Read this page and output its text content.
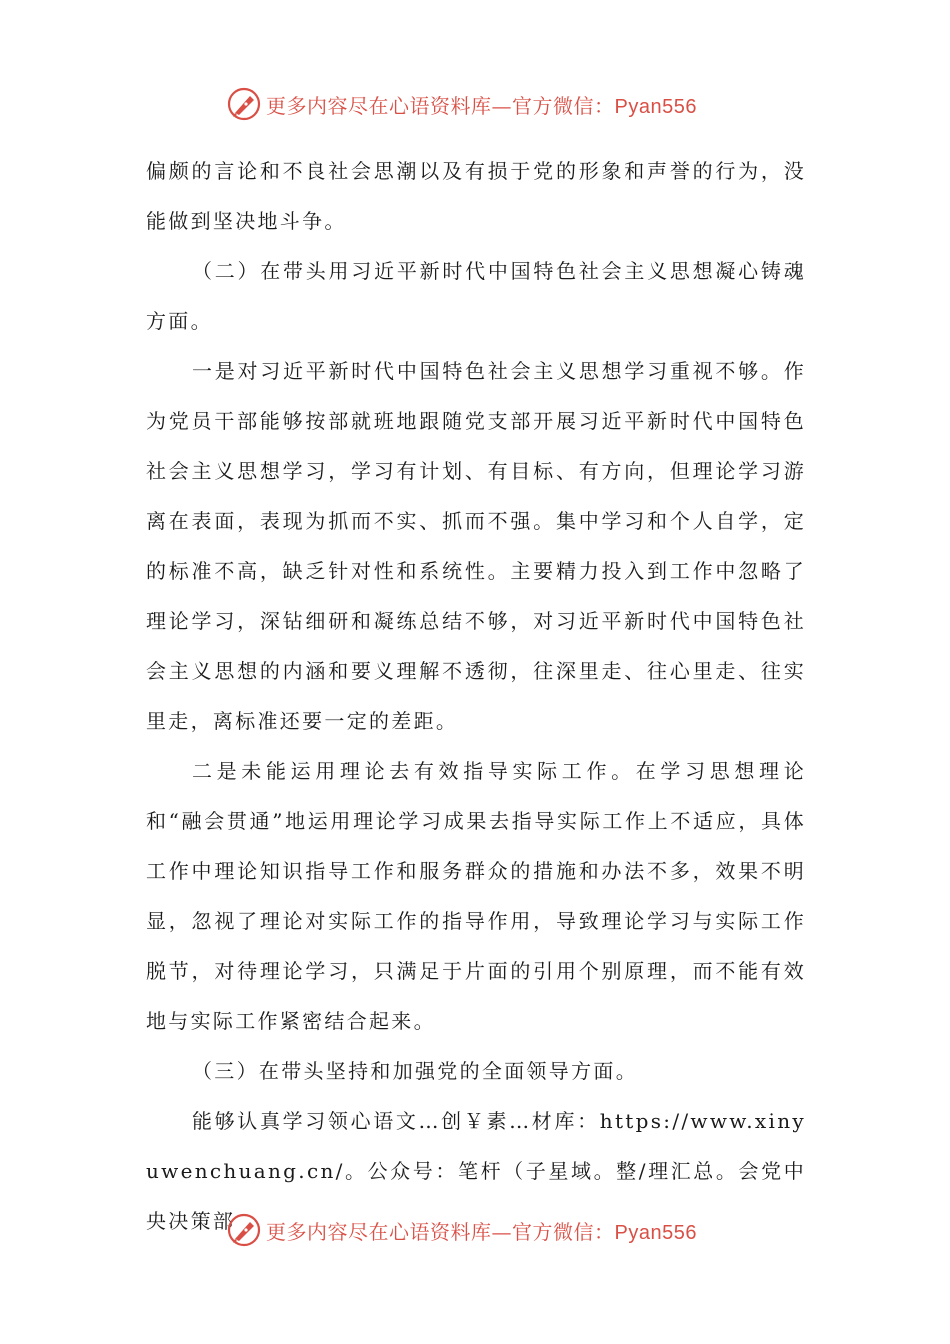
更多内容尽在心语资料库—官方微信：Pyan556

偏颇的言论和不良社会思潮以及有损于党的形象和声誉的行为，没能做到坚决地斗争。

（二）在带头用习近平新时代中国特色社会主义思想凝心铸魂方面。

一是对习近平新时代中国特色社会主义思想学习重视不够。作为党员干部能够按部就班地跟随党支部开展习近平新时代中国特色社会主义思想学习，学习有计划、有目标、有方向，但理论学习游离在表面，表现为抓而不实、抓而不强。集中学习和个人自学，定的标准不高，缺乏针对性和系统性。主要精力投入到工作中忽略了理论学习，深钻细研和凝练总结不够，对习近平新时代中国特色社会主义思想的内涵和要义理解不透彻，往深里走、往心里走、往实里走，离标准还要一定的差距。

二是未能运用理论去有效指导实际工作。在学习思想理论和“融会贯通”地运用理论学习成果去指导实际工作上不适应，具体工作中理论知识指导工作和服务群众的措施和办法不多，效果不明显，忽视了理论对实际工作的指导作用，导致理论学习与实际工作脱节，对待理论学习，只满足于片面的引用个别原理，而不能有效地与实际工作紧密结合起来。

（三）在带头坚持和加强党的全面领导方面。

能够认真学习领心语文…创￥素…材库：https://www.xinyuwenchuang.cn/。公众号：笔杆（子星域。整/理汇总。会党中央决策部	更多内容尽在心语资料库—官方微信：Pyan556
